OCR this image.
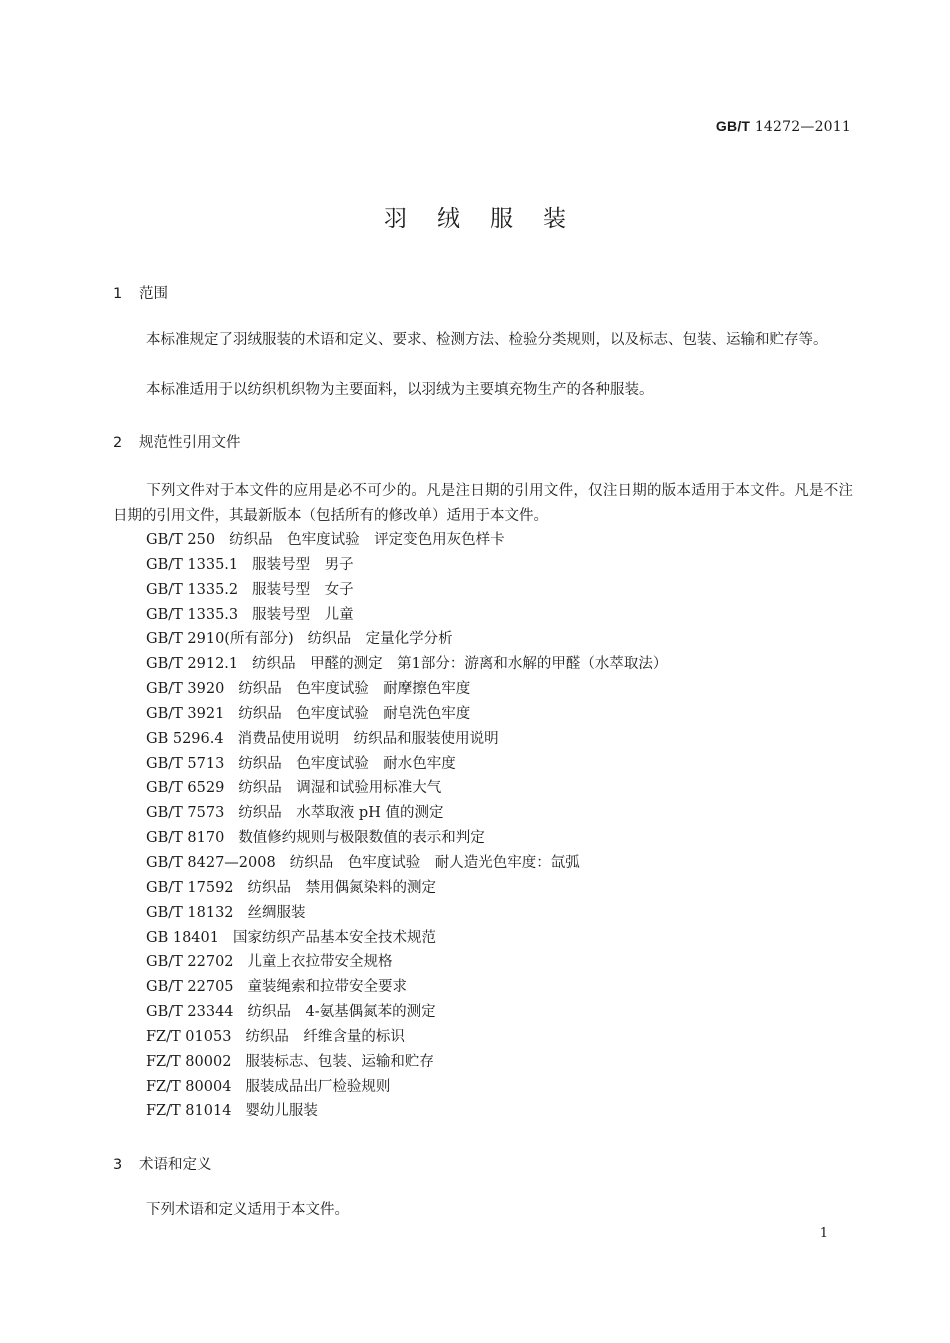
GB/T 14272—2011
羽绒服装
1 范围
本标准规定了羽绒服装的术语和定义、要求、检测方法、检验分类规则，以及标志、包装、运输和贮存等。
本标准适用于以纺织机织物为主要面料，以羽绒为主要填充物生产的各种服装。
2 规范性引用文件
下列文件对于本文件的应用是必不可少的。凡是注日期的引用文件，仅注日期的版本适用于本文件。凡是不注日期的引用文件，其最新版本（包括所有的修改单）适用于本文件。
GB/T 250 纺织品　色牢度试验　评定变色用灰色样卡
GB/T 1335.1 服装号型　男子
GB/T 1335.2 服装号型　女子
GB/T 1335.3 服装号型　儿童
GB/T 2910(所有部分) 纺织品　定量化学分析
GB/T 2912.1 纺织品　甲醛的测定　第1部分：游离和水解的甲醛（水萃取法）
GB/T 3920 纺织品　色牢度试验　耐摩擦色牢度
GB/T 3921 纺织品　色牢度试验　耐皂洗色牢度
GB 5296.4 消费品使用说明　纺织品和服装使用说明
GB/T 5713 纺织品　色牢度试验　耐水色牢度
GB/T 6529 纺织品　调湿和试验用标准大气
GB/T 7573 纺织品　水萃取液 pH 值的测定
GB/T 8170 数值修约规则与极限数值的表示和判定
GB/T 8427—2008 纺织品　色牢度试验　耐人造光色牢度：氙弧
GB/T 17592 纺织品　禁用偶氮染料的测定
GB/T 18132 丝绸服装
GB 18401 国家纺织产品基本安全技术规范
GB/T 22702 儿童上衣拉带安全规格
GB/T 22705 童装绳索和拉带安全要求
GB/T 23344 纺织品　4-氨基偶氮苯的测定
FZ/T 01053 纺织品　纤维含量的标识
FZ/T 80002 服装标志、包装、运输和贮存
FZ/T 80004 服装成品出厂检验规则
FZ/T 81014 婴幼儿服装
3 术语和定义
下列术语和定义适用于本文件。
1
